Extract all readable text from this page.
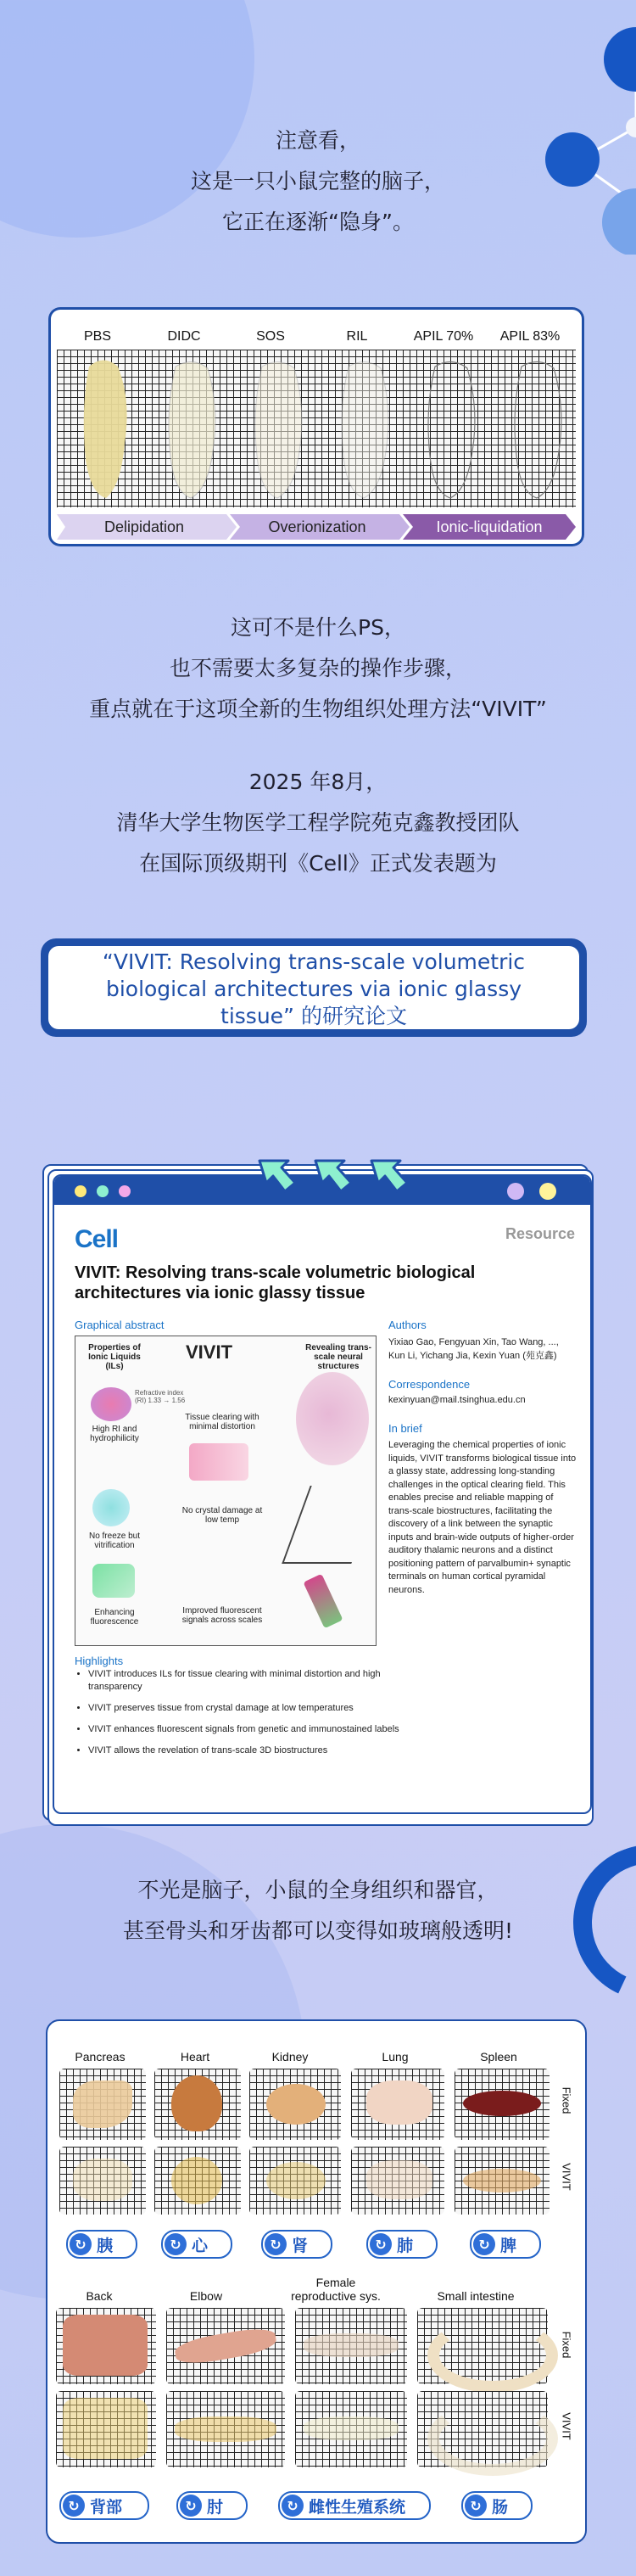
注意看，
这是一只小鼠完整的脑子，
它正在逐渐“隐身”。
PBS	DIDC	SOS	RIL	APIL 70%	APIL 83%
Delipidation	Overionization	Ionic-liquidation
这可不是什么PS，
也不需要太多复杂的操作步骤，
重点就在于这项全新的生物组织处理方法“VIVIT”
2025 年8月，
清华大学生物医学工程学院苑克鑫教授团队
在国际顶级期刊《Cell》正式发表题为
“VIVIT: Resolving trans-scale volumetric
biological architectures via ionic glassy
tissue” 的研究论文
Cell	Resource
VIVIT: Resolving trans-scale volumetric biological architectures via ionic glassy tissue
Graphical abstract
Properties of Ionic Liquids (ILs)
VIVIT	Revealing trans-scale neural structures
Refractive index (RI) 1.33 → 1.56
High RI and hydrophilicity
Tissue clearing with minimal distortion
No freeze but vitrification
No crystal damage at low temp
Enhancing fluorescence
Improved fluorescent signals across scales
Authors
Yixiao Gao, Fengyuan Xin, Tao Wang, ..., Kun Li, Yichang Jia, Kexin Yuan (苑克鑫)
Correspondence
kexinyuan@mail.tsinghua.edu.cn
In brief
Leveraging the chemical properties of ionic liquids, VIVIT transforms biological tissue into a glassy state, addressing long-standing challenges in the optical clearing field. This enables precise and reliable mapping of trans-scale biostructures, facilitating the discovery of a link between the synaptic inputs and brain-wide outputs of higher-order auditory thalamic neurons and a distinct positioning pattern of parvalbumin+ synaptic terminals on human cortical pyramidal neurons.
Highlights
• VIVIT introduces ILs for tissue clearing with minimal distortion and high transparency
• VIVIT preserves tissue from crystal damage at low temperatures
• VIVIT enhances fluorescent signals from genetic and immunostained labels
• VIVIT allows the revelation of trans-scale 3D biostructures
不光是脑子，小鼠的全身组织和器官，
甚至骨头和牙齿都可以变得如玻璃般透明!
Pancreas	Heart	Kidney	Lung	Spleen
Fixed
VIVIT
↻ 胰	↻ 心	↻ 肾	↻ 肺	↻ 脾
Back	Elbow
Female reproductive sys.	Small intestine
Fixed
VIVIT
↻ 背部	↻ 肘	↻ 雌性生殖系统	↻ 肠
